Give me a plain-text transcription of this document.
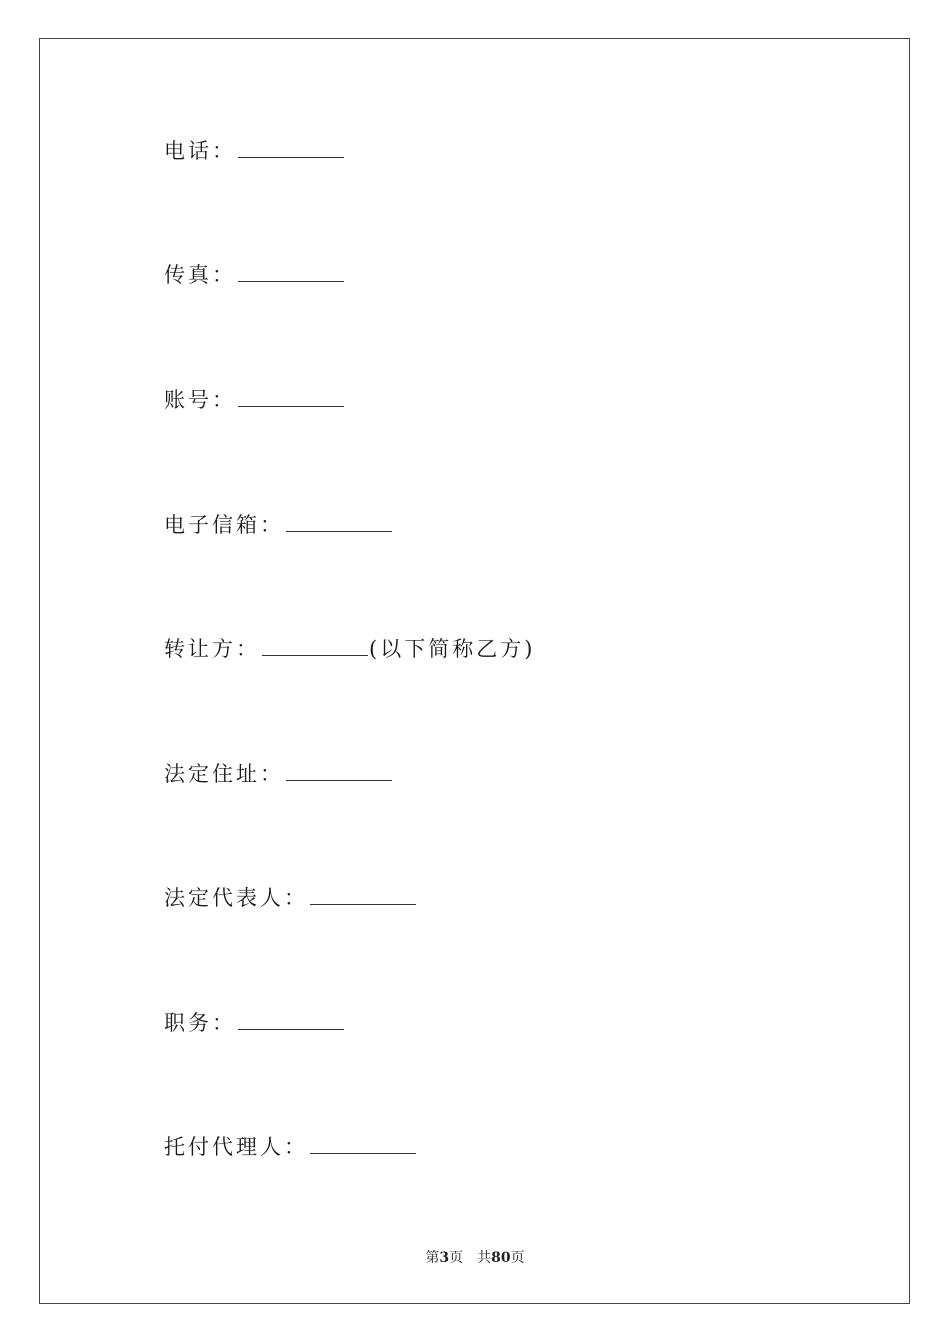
电话：
传真：
账号：
电子信箱：
转让方：	(以下简称乙方)
法定住址：
法定代表人：
职务：
托付代理人：
第3页 共80页
